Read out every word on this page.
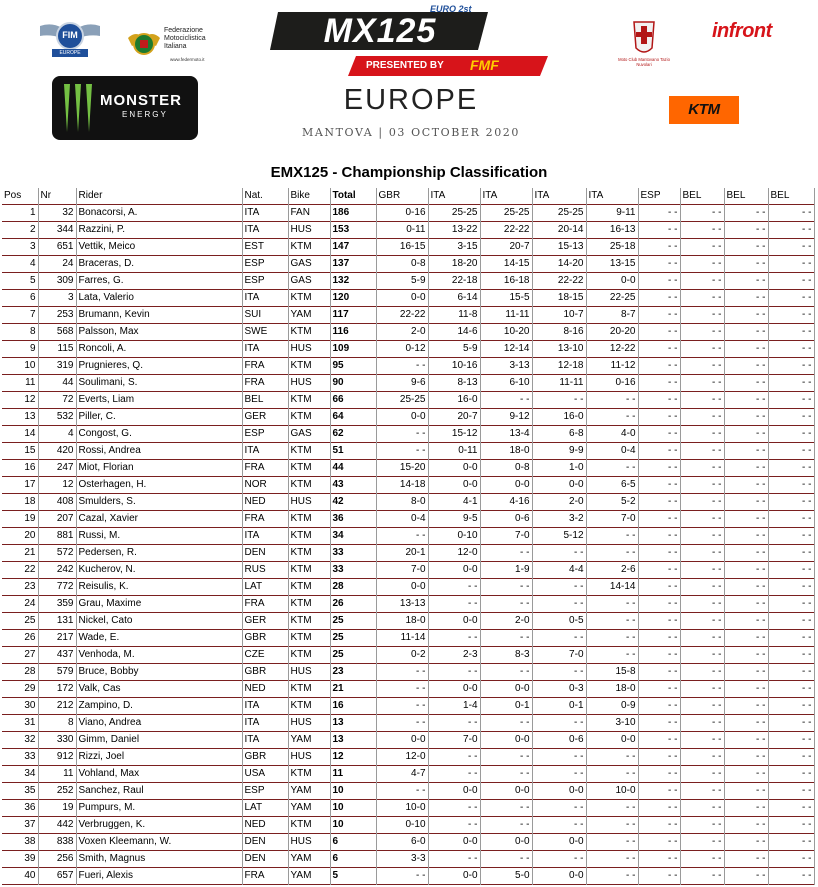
FIM
EUROPE
Federazione
Motociclistica
Italiana
www.federmoto.it
MONSTER
ENERGY
MX125
EURO 2st
PRESENTED BY FMF
EUROPE
MANTOVA | 03 OCTOBER 2020
Moto Club Mantovano Tazio Nuvolari
infront
KTM
EMX125 - Championship Classification
Pos	Nr	Rider	Nat.	Bike	Total	GBR	ITA	ITA	ITA	ITA	ESP	BEL	BEL	BEL
1	32	Bonacorsi, A.	ITA	FAN	186	0-16	25-25	25-25	25-25	9-11	- -	- -	- -	- -
2	344	Razzini, P.	ITA	HUS	153	0-11	13-22	22-22	20-14	16-13	- -	- -	- -	- -
3	651	Vettik, Meico	EST	KTM	147	16-15	3-15	20-7	15-13	25-18	- -	- -	- -	- -
4	24	Braceras, D.	ESP	GAS	137	0-8	18-20	14-15	14-20	13-15	- -	- -	- -	- -
5	309	Farres, G.	ESP	GAS	132	5-9	22-18	16-18	22-22	0-0	- -	- -	- -	- -
6	3	Lata, Valerio	ITA	KTM	120	0-0	6-14	15-5	18-15	22-25	- -	- -	- -	- -
7	253	Brumann, Kevin	SUI	YAM	117	22-22	11-8	11-11	10-7	8-7	- -	- -	- -	- -
8	568	Palsson, Max	SWE	KTM	116	2-0	14-6	10-20	8-16	20-20	- -	- -	- -	- -
9	115	Roncoli, A.	ITA	HUS	109	0-12	5-9	12-14	13-10	12-22	- -	- -	- -	- -
10	319	Prugnieres, Q.	FRA	KTM	95	- -	10-16	3-13	12-18	11-12	- -	- -	- -	- -
11	44	Soulimani, S.	FRA	HUS	90	9-6	8-13	6-10	11-11	0-16	- -	- -	- -	- -
12	72	Everts, Liam	BEL	KTM	66	25-25	16-0	- -	- -	- -	- -	- -	- -	- -
13	532	Piller, C.	GER	KTM	64	0-0	20-7	9-12	16-0	- -	- -	- -	- -	- -
14	4	Congost, G.	ESP	GAS	62	- -	15-12	13-4	6-8	4-0	- -	- -	- -	- -
15	420	Rossi, Andrea	ITA	KTM	51	- -	0-11	18-0	9-9	0-4	- -	- -	- -	- -
16	247	Miot, Florian	FRA	KTM	44	15-20	0-0	0-8	1-0	- -	- -	- -	- -	- -
17	12	Osterhagen, H.	NOR	KTM	43	14-18	0-0	0-0	0-0	6-5	- -	- -	- -	- -
18	408	Smulders, S.	NED	HUS	42	8-0	4-1	4-16	2-0	5-2	- -	- -	- -	- -
19	207	Cazal, Xavier	FRA	KTM	36	0-4	9-5	0-6	3-2	7-0	- -	- -	- -	- -
20	881	Russi, M.	ITA	KTM	34	- -	0-10	7-0	5-12	- -	- -	- -	- -	- -
21	572	Pedersen, R.	DEN	KTM	33	20-1	12-0	- -	- -	- -	- -	- -	- -	- -
22	242	Kucherov, N.	RUS	KTM	33	7-0	0-0	1-9	4-4	2-6	- -	- -	- -	- -
23	772	Reisulis, K.	LAT	KTM	28	0-0	- -	- -	- -	14-14	- -	- -	- -	- -
24	359	Grau, Maxime	FRA	KTM	26	13-13	- -	- -	- -	- -	- -	- -	- -	- -
25	131	Nickel, Cato	GER	KTM	25	18-0	0-0	2-0	0-5	- -	- -	- -	- -	- -
26	217	Wade, E.	GBR	KTM	25	11-14	- -	- -	- -	- -	- -	- -	- -	- -
27	437	Venhoda, M.	CZE	KTM	25	0-2	2-3	8-3	7-0	- -	- -	- -	- -	- -
28	579	Bruce, Bobby	GBR	HUS	23	- -	- -	- -	- -	15-8	- -	- -	- -	- -
29	172	Valk, Cas	NED	KTM	21	- -	0-0	0-0	0-3	18-0	- -	- -	- -	- -
30	212	Zampino, D.	ITA	KTM	16	- -	1-4	0-1	0-1	0-9	- -	- -	- -	- -
31	8	Viano, Andrea	ITA	HUS	13	- -	- -	- -	- -	3-10	- -	- -	- -	- -
32	330	Gimm, Daniel	ITA	YAM	13	0-0	7-0	0-0	0-6	0-0	- -	- -	- -	- -
33	912	Rizzi, Joel	GBR	HUS	12	12-0	- -	- -	- -	- -	- -	- -	- -	- -
34	11	Vohland, Max	USA	KTM	11	4-7	- -	- -	- -	- -	- -	- -	- -	- -
35	252	Sanchez, Raul	ESP	YAM	10	- -	0-0	0-0	0-0	10-0	- -	- -	- -	- -
36	19	Pumpurs, M.	LAT	YAM	10	10-0	- -	- -	- -	- -	- -	- -	- -	- -
37	442	Verbruggen, K.	NED	KTM	10	0-10	- -	- -	- -	- -	- -	- -	- -	- -
38	838	Voxen Kleemann, W.	DEN	HUS	6	6-0	0-0	0-0	0-0	- -	- -	- -	- -	- -
39	256	Smith, Magnus	DEN	YAM	6	3-3	- -	- -	- -	- -	- -	- -	- -	- -
40	657	Fueri, Alexis	FRA	YAM	5	- -	0-0	5-0	0-0	- -	- -	- -	- -	- -
